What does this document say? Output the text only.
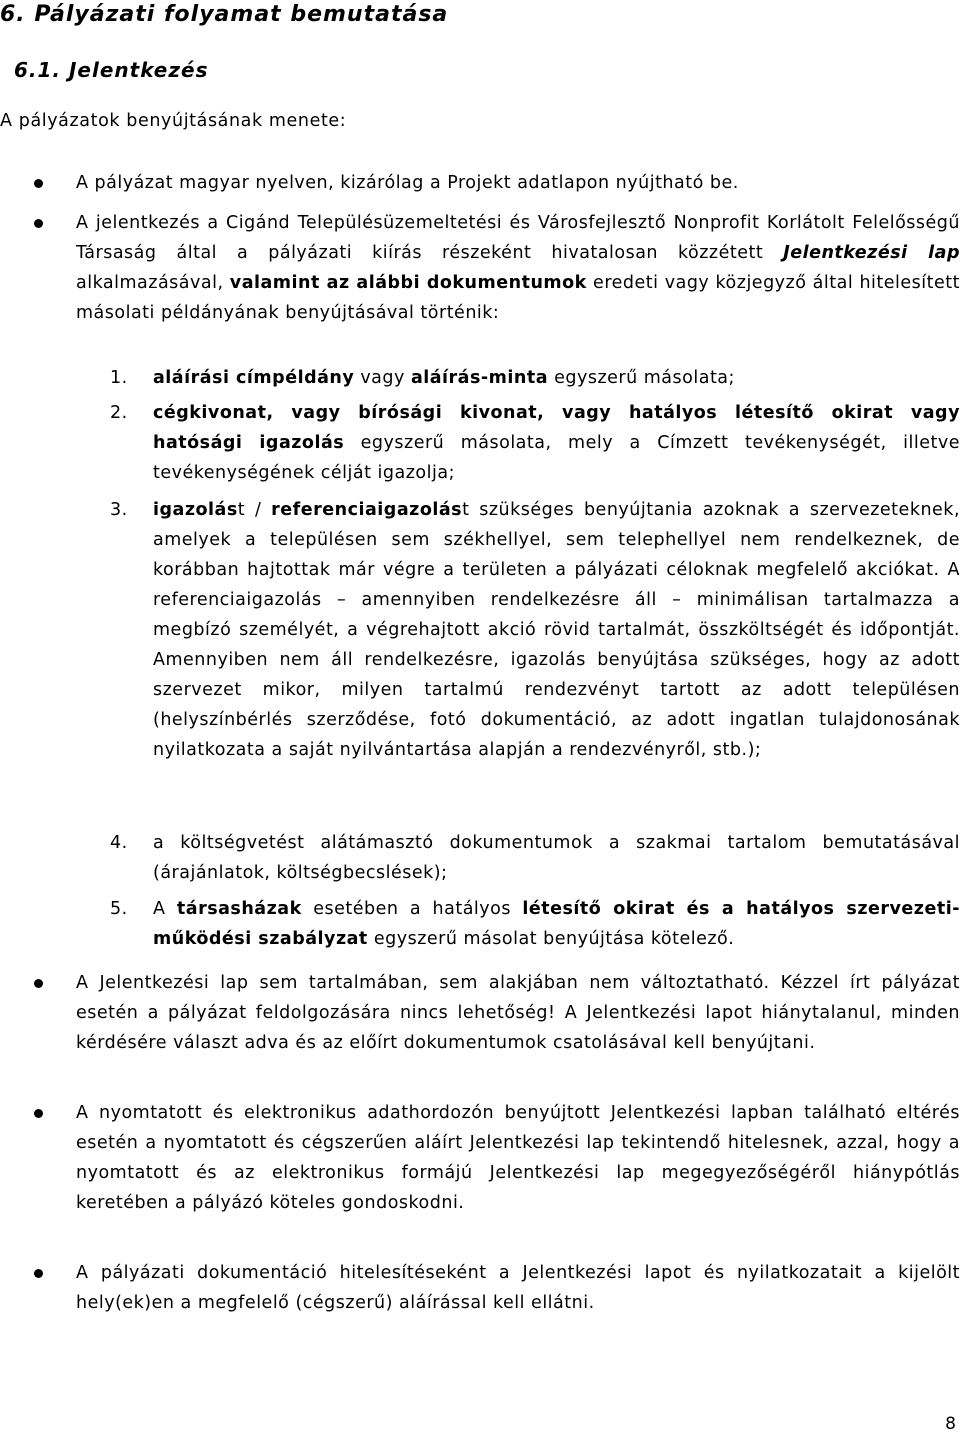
6. Pályázati folyamat bemutatása
6.1. Jelentkezés

A pályázatok benyújtásának menete:

A pályázat magyar nyelven, kizárólag a Projekt adatlapon nyújtható be.

A jelentkezés a Cigánd Településüzemeltetési és Városfejlesztő Nonprofit Korlátolt Felelősségű Társaság által a pályázati kiírás részeként hivatalosan közzétett Jelentkezési lap alkalmazásával, valamint az alábbi dokumentumok eredeti vagy közjegyző által hitelesített másolati példányának benyújtásával történik:

1.	aláírási címpéldány vagy aláírás-minta egyszerű másolata;

2.	cégkivonat, vagy bírósági kivonat, vagy hatályos létesítő okirat vagy hatósági igazolás egyszerű másolata, mely a Címzett tevékenységét, illetve tevékenységének célját igazolja;

3.	igazolást / referenciaigazolást szükséges benyújtania azoknak a szervezeteknek, amelyek a településen sem székhellyel, sem telephellyel nem rendelkeznek, de korábban hajtottak már végre a területen a pályázati céloknak megfelelő akciókat. A referenciaigazolás – amennyiben rendelkezésre áll – minimálisan tartalmazza a megbízó személyét, a végrehajtott akció rövid tartalmát, összköltségét és időpontját. Amennyiben nem áll rendelkezésre, igazolás benyújtása szükséges, hogy az adott szervezet mikor, milyen tartalmú rendezvényt tartott az adott településen (helyszínbérlés szerződése, fotó dokumentáció, az adott ingatlan tulajdonosának nyilatkozata a saját nyilvántartása alapján a rendezvényről, stb.);

4.	a költségvetést alátámasztó dokumentumok a szakmai tartalom bemutatásával (árajánlatok, költségbecslések);

5.	A társasházak esetében a hatályos létesítő okirat és a hatályos szervezeti-működési szabályzat egyszerű másolat benyújtása kötelező.

A Jelentkezési lap sem tartalmában, sem alakjában nem változtatható. Kézzel írt pályázat esetén a pályázat feldolgozására nincs lehetőség! A Jelentkezési lapot hiánytalanul, minden kérdésére választ adva és az előírt dokumentumok csatolásával kell benyújtani.

A nyomtatott és elektronikus adathordozón benyújtott Jelentkezési lapban található eltérés esetén a nyomtatott és cégszerűen aláírt Jelentkezési lap tekintendő hitelesnek, azzal, hogy a nyomtatott és az elektronikus formájú Jelentkezési lap megegyezőségéről hiánypótlás keretében a pályázó köteles gondoskodni.

A pályázati dokumentáció hitelesítéseként a Jelentkezési lapot és nyilatkozatait a kijelölt hely(ek)en a megfelelő (cégszerű) aláírással kell ellátni.

8
